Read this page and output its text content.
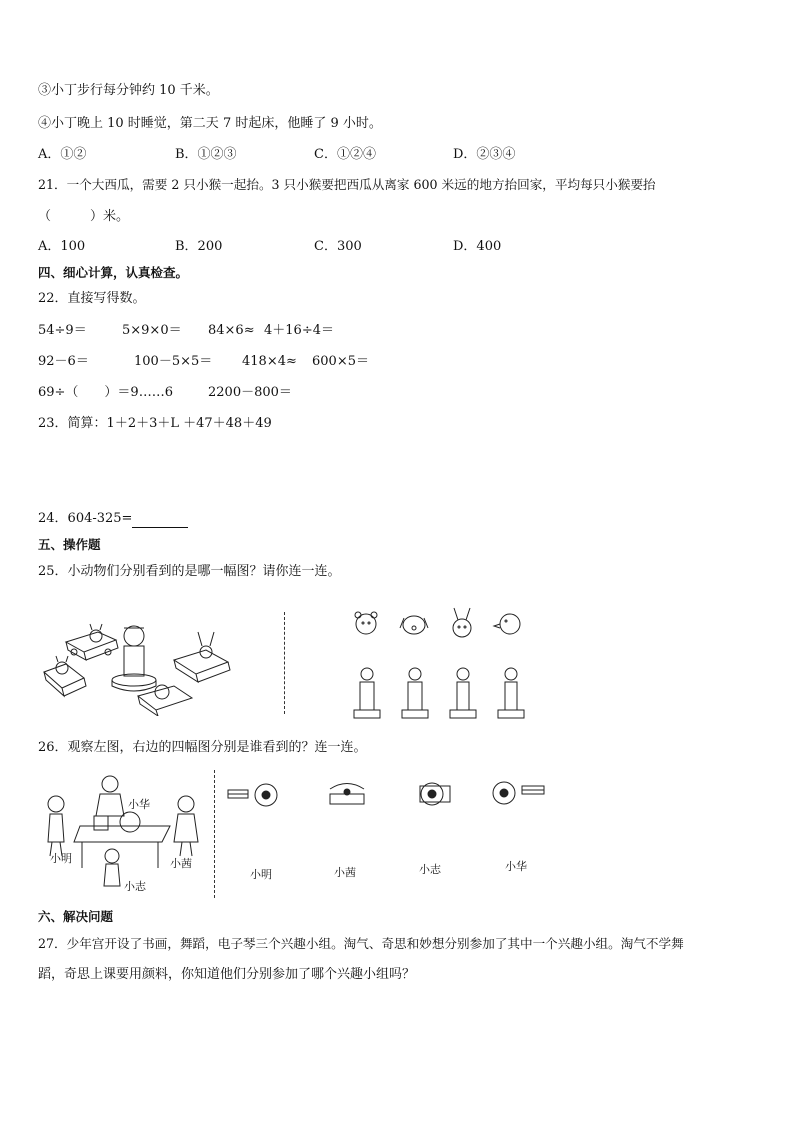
③小丁步行每分钟约 10 千米。
④小丁晚上 10 时睡觉，第二天 7 时起床，他睡了 9 小时。
A．①②	B．①②③	C．①②④	D．②③④
21．一个大西瓜，需要 2 只小猴一起抬。3 只小猴要把西瓜从离家 600 米远的地方抬回家，平均每只小猴要抬
（　　　）米。
A．100	B．200	C．300	D．400
四、细心计算，认真检查。
22．直接写得数。
54÷9＝	5×9×0＝ 84×6≈ 4＋16÷4＝
92－6＝	100－5×5＝ 418×4≈ 600×5＝
69÷（　　）＝9……6	2200－800＝
23．简算：1＋2＋3＋L ＋47＋48＋49
24．604-325=
五、操作题
25．小动物们分别看到的是哪一幅图？请你连一连。
26．观察左图，右边的四幅图分别是谁看到的？连一连。
小华
小明	小茜
小志
小明	小茜	小志	小华
六、解决问题
27．少年宫开设了书画，舞蹈，电子琴三个兴趣小组。淘气、奇思和妙想分别参加了其中一个兴趣小组。淘气不学舞
蹈，奇思上课要用颜料，你知道他们分别参加了哪个兴趣小组吗？
